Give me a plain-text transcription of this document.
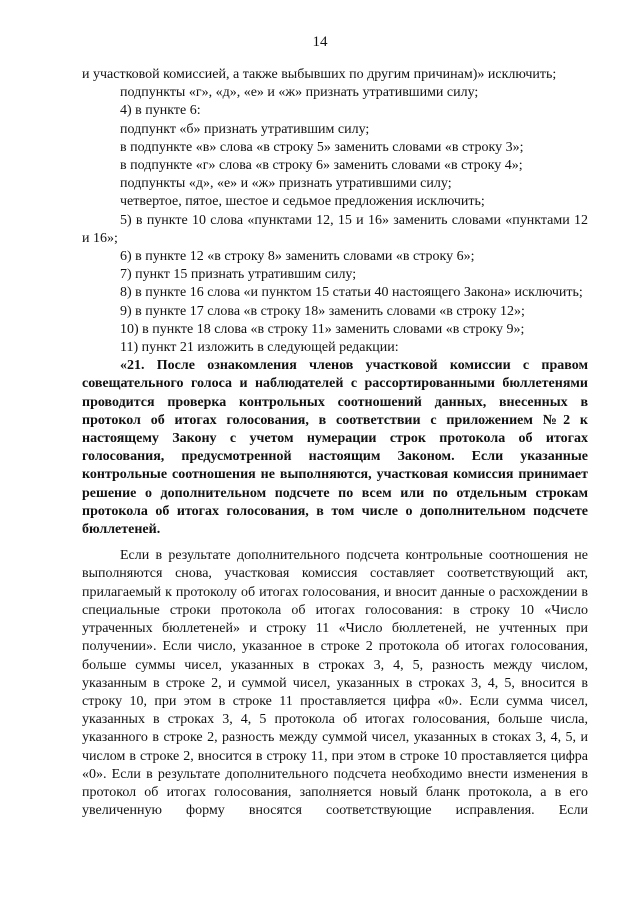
14

и участковой комиссией, а также выбывших по другим причинам)» исключить;

подпункты «г», «д», «е» и «ж» признать утратившими силу;

4) в пункте 6:

подпункт «б» признать утратившим силу;

в подпункте «в» слова «в строку 5» заменить словами «в строку 3»;

в подпункте «г» слова «в строку 6» заменить словами «в строку 4»;

подпункты «д», «е» и «ж» признать утратившими силу;

четвертое, пятое, шестое и седьмое предложения исключить;

5) в пункте 10 слова «пунктами 12, 15 и 16» заменить словами «пунктами 12 и 16»;

6) в пункте 12 «в строку 8» заменить словами «в строку 6»;

7) пункт 15 признать утратившим силу;

8) в пункте 16 слова «и пунктом 15 статьи 40 настоящего Закона» исключить;

9) в пункте 17 слова «в строку 18» заменить словами «в строку 12»;

10) в пункте 18 слова «в строку 11» заменить словами «в строку 9»;

11) пункт 21 изложить в следующей редакции:

«21. После ознакомления членов участковой комиссии с правом совещательного голоса и наблюдателей с рассортированными бюллетенями проводится проверка контрольных соотношений данных, внесенных в протокол об итогах голосования, в соответствии с приложением №2 к настоящему Закону с учетом нумерации строк протокола об итогах голосования, предусмотренной настоящим Законом. Если указанные контрольные соотношения не выполняются, участковая комиссия принимает решение о дополнительном подсчете по всем или по отдельным строкам протокола об итогах голосования, в том числе о дополнительном подсчете бюллетеней.

Если в результате дополнительного подсчета контрольные соотношения не выполняются снова, участковая комиссия составляет соответствующий акт, прилагаемый к протоколу об итогах голосования, и вносит данные о расхождении в специальные строки протокола об итогах голосования: в строку 10 «Число утраченных бюллетеней» и строку 11 «Число бюллетеней, не учтенных при получении». Если число, указанное в строке 2 протокола об итогах голосования, больше суммы чисел, указанных в строках 3, 4, 5, разность между числом, указанным в строке 2, и суммой чисел, указанных в строках 3, 4, 5, вносится в строку 10, при этом в строке 11 проставляется цифра «0». Если сумма чисел, указанных в строках 3, 4, 5 протокола об итогах голосования, больше числа, указанного в строке 2, разность между суммой чисел, указанных в стоках 3, 4, 5, и числом в строке 2, вносится в строку 11, при этом в строке 10 проставляется цифра «0». Если в результате дополнительного подсчета необходимо внести изменения в протокол об итогах голосования, заполняется новый бланк протокола, а в его увеличенную форму вносятся соответствующие исправления. Если
